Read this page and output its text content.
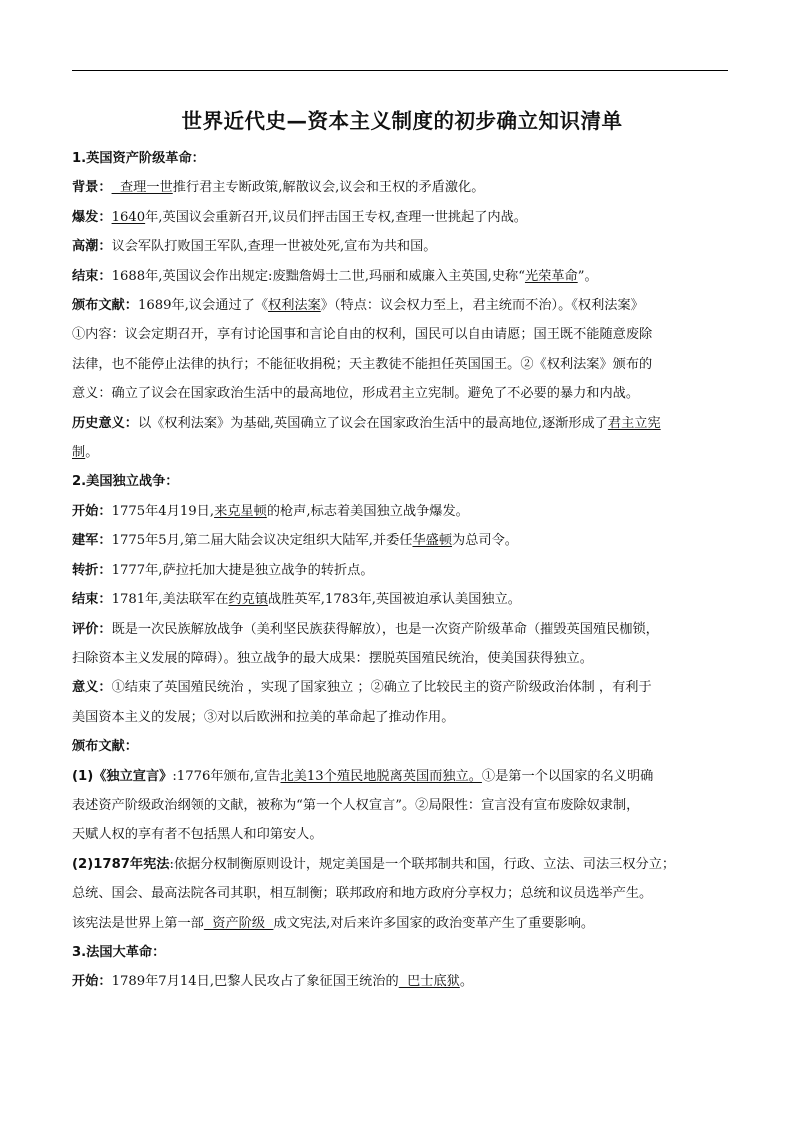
世界近代史—资本主义制度的初步确立知识清单
1.英国资产阶级革命：
背景：  查理一世推行君主专断政策,解散议会,议会和王权的矛盾激化。
爆发：1640年,英国议会重新召开,议员们抨击国王专权,查理一世挑起了内战。
高潮：议会军队打败国王军队,查理一世被处死,宣布为共和国。
结束：1688年,英国议会作出规定:废黜詹姆士二世,玛丽和威廉入主英国,史称“光荣革命”。
颁布文献：1689年,议会通过了《权利法案》（特点：议会权力至上，君主统而不治）。《权利法案》
①内容：议会定期召开，享有讨论国事和言论自由的权利，国民可以自由请愿；国王既不能随意废除
法律，也不能停止法律的执行；不能征收捐税；天主教徒不能担任英国国王。②《权利法案》颁布的
意义：确立了议会在国家政治生活中的最高地位，形成君主立宪制。避免了不必要的暴力和内战。
历史意义：以《权利法案》为基础,英国确立了议会在国家政治生活中的最高地位,逐渐形成了君主立宪
制。
2.美国独立战争：
开始：1775年4月19日,来克星顿的枪声,标志着美国独立战争爆发。
建军：1775年5月,第二届大陆会议决定组织大陆军,并委任华盛顿为总司令。
转折：1777年,萨拉托加大捷是独立战争的转折点。
结束：1781年,美法联军在约克镇战胜英军,1783年,英国被迫承认美国独立。
评价：既是一次民族解放战争（美利坚民族获得解放），也是一次资产阶级革命（摧毁英国殖民枷锁，
扫除资本主义发展的障碍）。独立战争的最大成果：摆脱英国殖民统治，使美国获得独立。
意义：①结束了英国殖民统治 ，实现了国家独立 ；②确立了比较民主的资产阶级政治体制 ，有利于
美国资本主义的发展；③对以后欧洲和拉美的革命起了推动作用。
颁布文献：
(1)《独立宣言》:1776年颁布,宣告北美13个殖民地脱离英国而独立。①是第一个以国家的名义明确
表述资产阶级政治纲领的文献，被称为“第一个人权宣言”。②局限性：宣言没有宣布废除奴隶制，
天赋人权的享有者不包括黑人和印第安人。
(2)1787年宪法:依据分权制衡原则设计，规定美国是一个联邦制共和国，行政、立法、司法三权分立；
总统、国会、最高法院各司其职，相互制衡；联邦政府和地方政府分享权力；总统和议员选举产生。
该宪法是世界上第一部  资产阶级  成文宪法,对后来许多国家的政治变革产生了重要影响。
3.法国大革命：
开始：1789年7月14日,巴黎人民攻占了象征国王统治的  巴士底狱。
